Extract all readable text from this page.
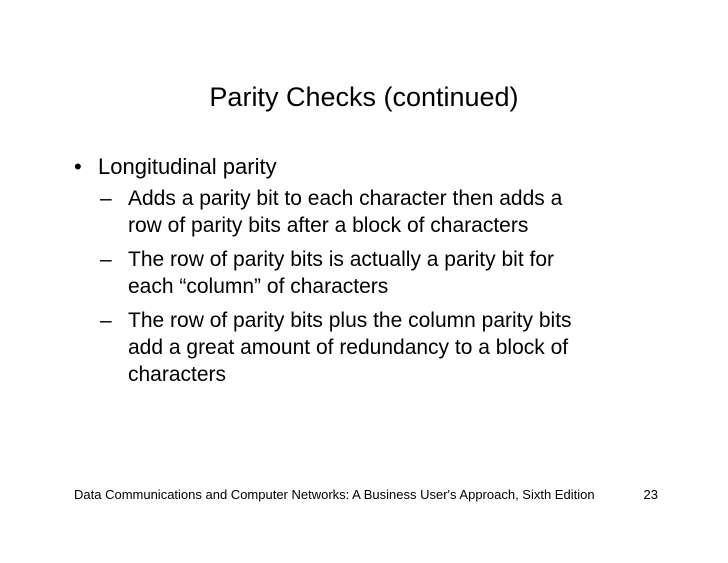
Parity Checks (continued)
• Longitudinal parity
– Adds a parity bit to each character then adds a
row of parity bits after a block of characters
– The row of parity bits is actually a parity bit for
each “column” of characters
– The row of parity bits plus the column parity bits
add a great amount of redundancy to a block of
characters
Data Communications and Computer Networks: A Business User's Approach, Sixth Edition	23
